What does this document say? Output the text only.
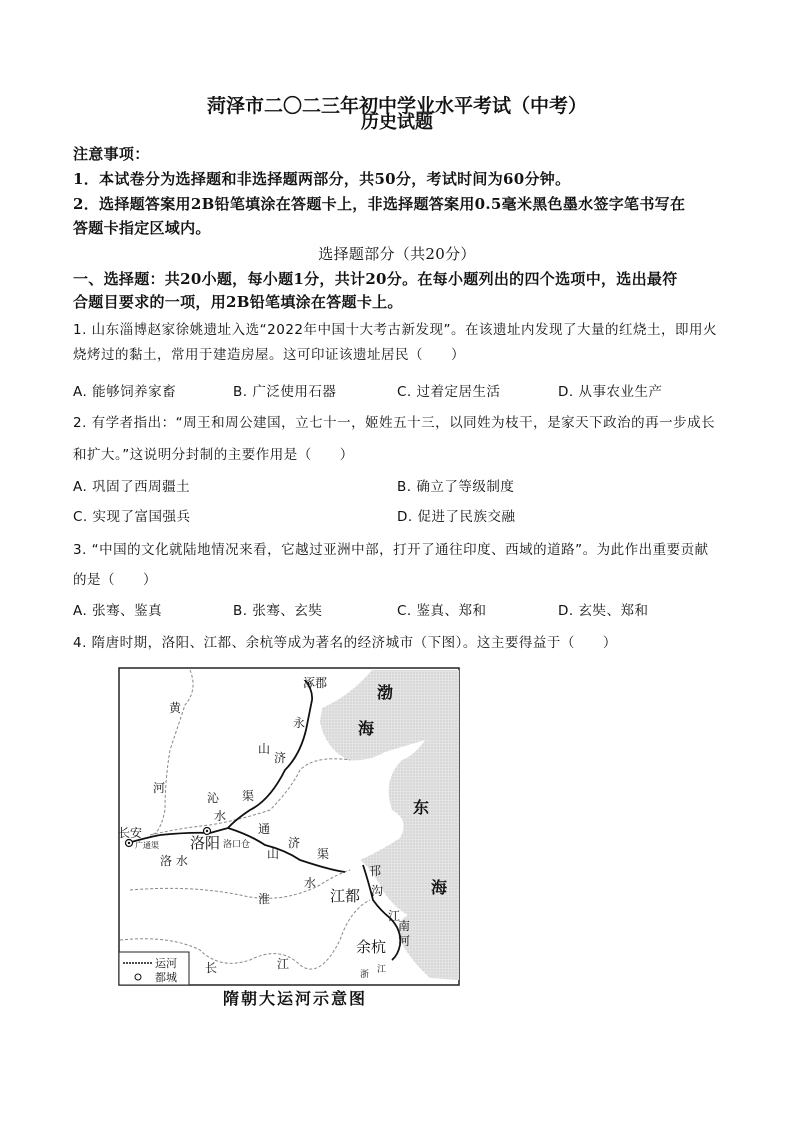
菏泽市二〇二三年初中学业水平考试（中考）
历史试题
注意事项：
1．本试卷分为选择题和非选择题两部分，共50分，考试时间为60分钟。
2．选择题答案用2B铅笔填涂在答题卡上，非选择题答案用0.5毫米黑色墨水签字笔书写在
答题卡指定区域内。
选择题部分（共20分）
一、选择题：共20小题，每小题1分，共计20分。在每小题列出的四个选项中，选出最符
合题目要求的一项，用2B铅笔填涂在答题卡上。
1. 山东淄博赵家徐姚遗址入选“2022年中国十大考古新发现”。在该遗址内发现了大量的红烧土，即用火
烧烤过的黏土，常用于建造房屋。这可印证该遗址居民（　　）
A. 能够饲养家畜	B. 广泛使用石器	C. 过着定居生活	D. 从事农业生产
2. 有学者指出：“周王和周公建国，立七十一，姬姓五十三，以同姓为枝干，是家天下政治的再一步成长
和扩大。”这说明分封制的主要作用是（　　）
A. 巩固了西周疆土	B. 确立了等级制度
C. 实现了富国强兵	D. 促进了民族交融
3. “中国的文化就陆地情况来看，它越过亚洲中部，打开了通往印度、西域的道路”。为此作出重要贡献
的是（　　）
A. 张骞、鉴真	B. 张骞、玄奘	C. 鉴真、郑和	D. 玄奘、郑和
4. 隋唐时期，洛阳、江都、余杭等成为著名的经济城市（下图）。这主要得益于（　　）
涿郡	渤
海
东
海
黄
河
永
济
山
渠
沁
水
长安
广通渠 洛阳 洛口仓
洛 水
通
济
山	渠
邗
沟
水
淮	江都
江
南
河
余杭
长	江
浙 江
运河
都城
隋朝大运河示意图
